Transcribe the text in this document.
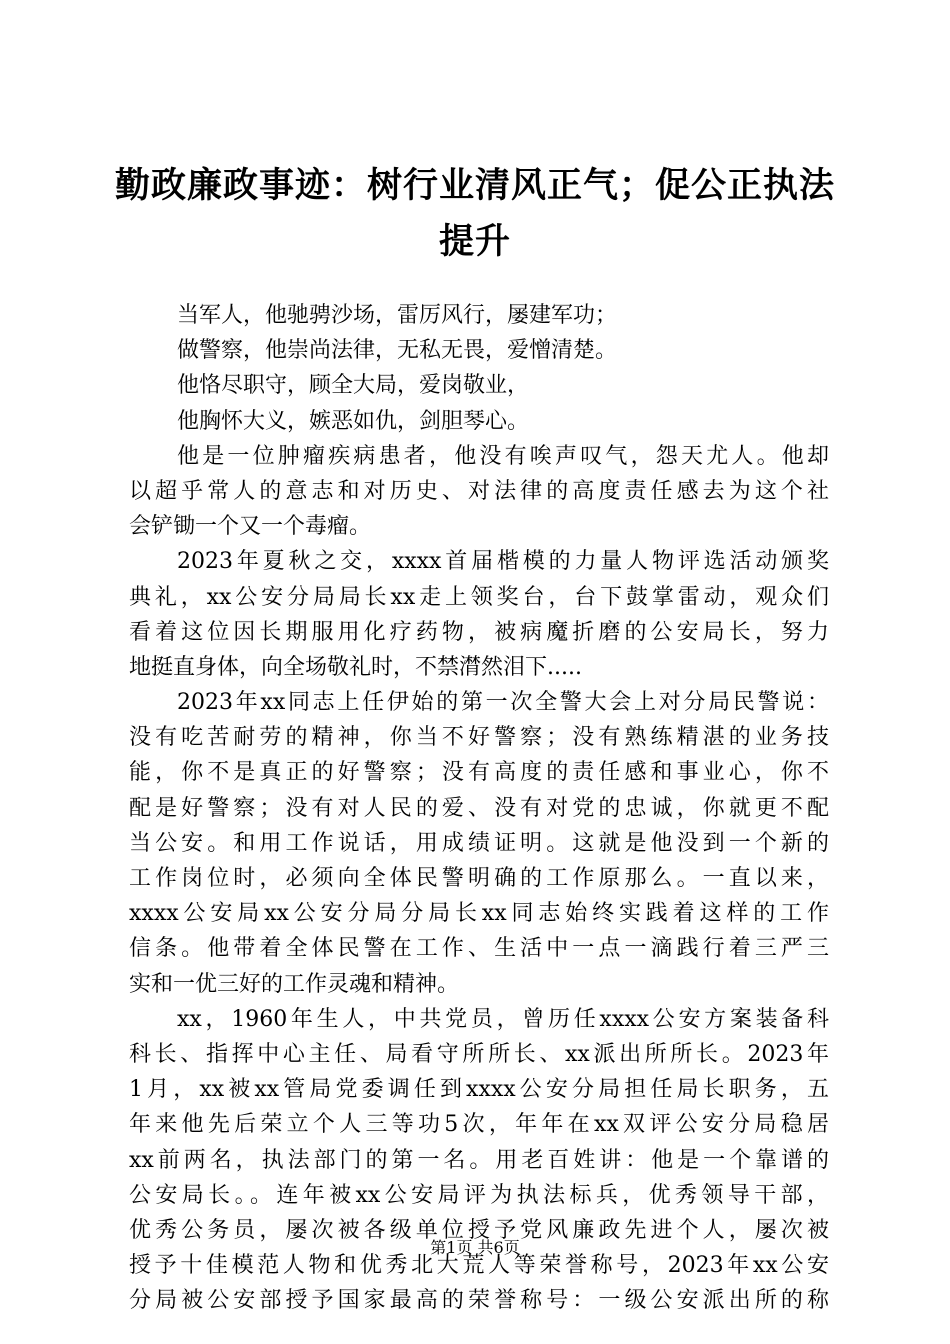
勤政廉政事迹：树行业清风正气；促公正执法
提升
当军人，他驰骋沙场，雷厉风行，屡建军功；
做警察，他崇尚法律，无私无畏，爱憎清楚。
他恪尽职守，顾全大局，爱岗敬业，
他胸怀大义，嫉恶如仇，剑胆琴心。
他是一位肿瘤疾病患者，他没有唉声叹气，怨天尤人。他却
以超乎常人的意志和对历史、对法律的高度责任感去为这个社
会铲锄一个又一个毒瘤。
2023年夏秋之交，xxxx首届楷模的力量人物评选活动颁奖
典礼，xx公安分局局长xx走上领奖台，台下鼓掌雷动，观众们
看着这位因长期服用化疗药物，被病魔折磨的公安局长，努力
地挺直身体，向全场敬礼时，不禁潸然泪下.....
2023年xx同志上任伊始的第一次全警大会上对分局民警说：
没有吃苦耐劳的精神，你当不好警察；没有熟练精湛的业务技
能，你不是真正的好警察；没有高度的责任感和事业心，你不
配是好警察；没有对人民的爱、没有对党的忠诚，你就更不配
当公安。和用工作说话，用成绩证明。这就是他没到一个新的
工作岗位时，必须向全体民警明确的工作原那么。一直以来，
xxxx公安局xx公安分局分局长xx同志始终实践着这样的工作
信条。他带着全体民警在工作、生活中一点一滴践行着三严三
实和一优三好的工作灵魂和精神。
xx，1960年生人，中共党员，曾历任xxxx公安方案装备科
科长、指挥中心主任、局看守所所长、xx派出所所长。2023年
1月，xx被xx管局党委调任到xxxx公安分局担任局长职务，五
年来他先后荣立个人三等功5次，年年在xx双评公安分局稳居
xx前两名，执法部门的第一名。用老百姓讲：他是一个靠谱的
公安局长。。连年被xx公安局评为执法标兵，优秀领导干部，
优秀公务员，屡次被各级单位授予党风廉政先进个人，屡次被
授予十佳模范人物和优秀北大荒人等荣誉称号，2023年xx公安
分局被公安部授予国家最高的荣誉称号：一级公安派出所的称
第1页 共6页
